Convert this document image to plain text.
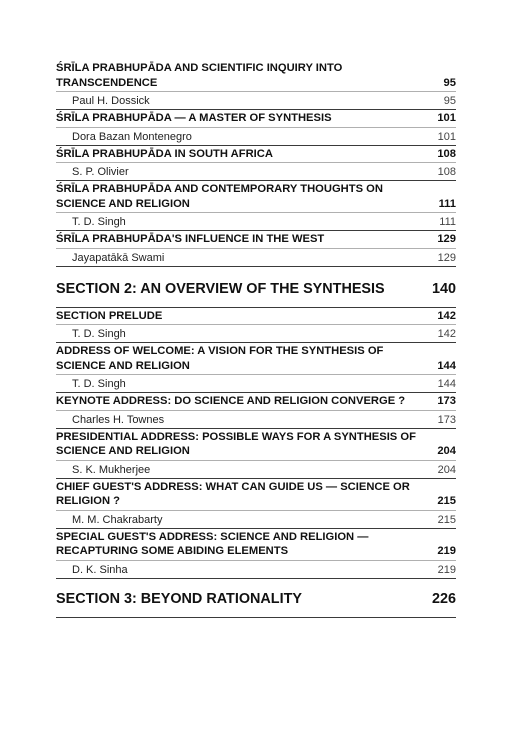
ŚRĪLA PRABHUPĀDA AND SCIENTIFIC INQUIRY INTO TRANSCENDENCE	95
Paul H. Dossick	95
ŚRĪLA PRABHUPĀDA — A MASTER OF SYNTHESIS	101
Dora Bazan Montenegro	101
ŚRĪLA PRABHUPĀDA IN SOUTH AFRICA	108
S. P. Olivier	108
ŚRĪLA PRABHUPĀDA AND CONTEMPORARY THOUGHTS ON SCIENCE AND RELIGION	111
T. D. Singh	111
ŚRĪLA PRABHUPĀDA'S INFLUENCE IN THE WEST	129
Jayapatākā Swami	129
SECTION 2: AN OVERVIEW OF THE SYNTHESIS	140
SECTION PRELUDE	142
T. D. Singh	142
ADDRESS OF WELCOME: A VISION FOR THE SYNTHESIS OF SCIENCE AND RELIGION	144
T. D. Singh	144
KEYNOTE ADDRESS: DO SCIENCE AND RELIGION CONVERGE ?	173
Charles H. Townes	173
PRESIDENTIAL ADDRESS: POSSIBLE WAYS FOR A SYNTHESIS OF SCIENCE AND RELIGION	204
S. K. Mukherjee	204
CHIEF GUEST'S ADDRESS: WHAT CAN GUIDE US — SCIENCE OR RELIGION ?	215
M. M. Chakrabarty	215
SPECIAL GUEST'S ADDRESS: SCIENCE AND RELIGION — RECAPTURING SOME ABIDING ELEMENTS	219
D. K. Sinha	219
SECTION 3: BEYOND RATIONALITY	226
